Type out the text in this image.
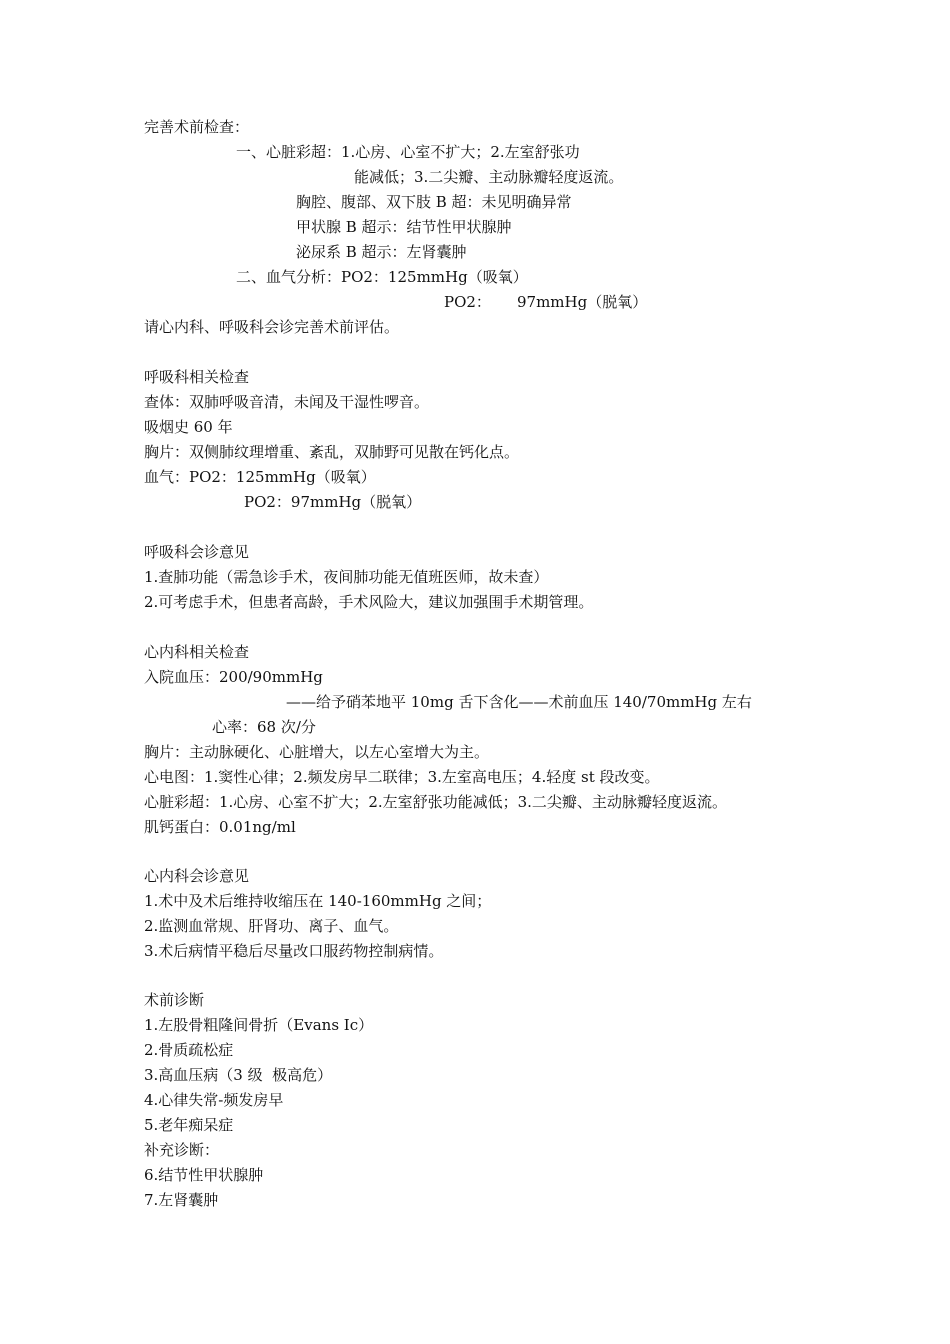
完善术前检查：
一、心脏彩超：1.心房、心室不扩大；2.左室舒张功
能减低；3.二尖瓣、主动脉瓣轻度返流。
胸腔、腹部、双下肢 B 超：未见明确异常
甲状腺 B 超示：结节性甲状腺肿
泌尿系 B 超示：左肾囊肿
二、血气分析：PO2：125mmHg（吸氧）
PO2： 97mmHg（脱氧）
请心内科、呼吸科会诊完善术前评估。
呼吸科相关检查
查体：双肺呼吸音清，未闻及干湿性啰音。
吸烟史 60 年
胸片：双侧肺纹理增重、紊乱，双肺野可见散在钙化点。
血气：PO2：125mmHg（吸氧）
PO2：97mmHg（脱氧）
呼吸科会诊意见
1.查肺功能（需急诊手术，夜间肺功能无值班医师，故未查）
2.可考虑手术，但患者高龄，手术风险大，建议加强围手术期管理。
心内科相关检查
入院血压：200/90mmHg
——给予硝苯地平 10mg 舌下含化——术前血压 140/70mmHg 左右
心率：68 次/分
胸片：主动脉硬化、心脏增大，以左心室增大为主。
心电图：1.窦性心律；2.频发房早二联律；3.左室高电压；4.轻度 st 段改变。
心脏彩超：1.心房、心室不扩大；2.左室舒张功能减低；3.二尖瓣、主动脉瓣轻度返流。
肌钙蛋白：0.01ng/ml
心内科会诊意见
1.术中及术后维持收缩压在 140-160mmHg 之间；
2.监测血常规、肝肾功、离子、血气。
3.术后病情平稳后尽量改口服药物控制病情。
术前诊断
1.左股骨粗隆间骨折（Evans Ic）
2.骨质疏松症
3.高血压病（3 级  极高危）
4.心律失常-频发房早
5.老年痴呆症
补充诊断：
6.结节性甲状腺肿
7.左肾囊肿
